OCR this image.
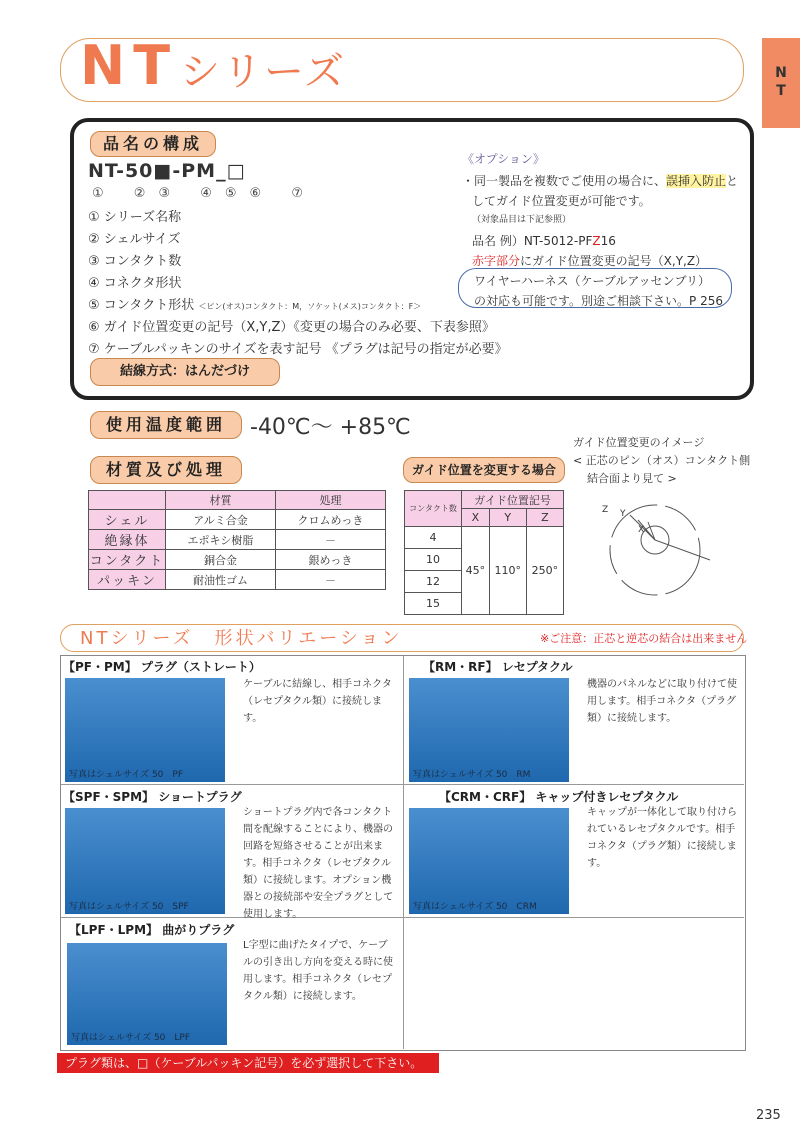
NT シリーズ	N
T
品名の構成
NT-50■-PM_□
① ②③ ④⑤⑥ ⑦
① シリーズ名称
② シェルサイズ
③ コンタクト数
④ コネクタ形状
⑤ コンタクト形状 ＜ピン(オス)コンタクト：M，ソケット(メス)コンタクト：F＞
⑥ ガイド位置変更の記号（X,Y,Z）《変更の場合のみ必要、下表参照》
⑦ ケーブルパッキンのサイズを表す記号 《プラグは記号の指定が必要》
結線方式：はんだづけ
《オプション》
・同一製品を複数でご使用の場合に、誤挿入防止と
してガイド位置変更が可能です。
（対象品目は下記参照）
品名 例）NT-5012-PFZ16
赤字部分にガイド位置変更の記号（X,Y,Z）
ワイヤーハーネス（ケーブルアッセンブリ）
の対応も可能です。別途ご相談下さい。P 256
使用温度範囲	-40℃～ +85℃
材質及び処理
	材質	処理
シェル	アルミ合金	クロムめっき
絶縁体	エポキシ樹脂	－
コンタクト	銅合金	銀めっき
パッキン	耐油性ゴム	－
ガイド位置を変更する場合
コンタクト数	ガイド位置記号		
	X	Y	Z
4	45°	110°	250°
10			
12			
15			
ガイド位置変更のイメージ
< 正芯のピン（オス）コンタクト側
結合面より見て >
Z Y
X
NTシリーズ　形状バリエーション	※ご注意：正芯と逆芯の結合は出来ません
【PF・PM】 プラグ（ストレート）
写真はシェルサイズ 50　PF
ケーブルに結線し、相手コネクタ（レセプタクル類）に接続します。
【RM・RF】 レセプタクル
写真はシェルサイズ 50　RM
機器のパネルなどに取り付けて使用します。相手コネクタ（プラグ類）に接続します。
【SPF・SPM】 ショートプラグ
写真はシェルサイズ 50　SPF
ショートプラグ内で各コンタクト間を配線することにより、機器の回路を短絡させることが出来ます。相手コネクタ（レセプタクル類）に接続します。オプション機器との接続部や安全プラグとして使用します。
【CRM・CRF】 キャップ付きレセプタクル
写真はシェルサイズ 50　CRM
キャップが一体化して取り付けられているレセプタクルです。相手コネクタ（プラグ類）に接続します。
【LPF・LPM】 曲がりプラグ
写真はシェルサイズ 50　LPF
L字型に曲げたタイプで、ケーブルの引き出し方向を変える時に使用します。相手コネクタ（レセプタクル類）に接続します。
プラグ類は、□（ケーブルパッキン記号）を必ず選択して下さい。
235
